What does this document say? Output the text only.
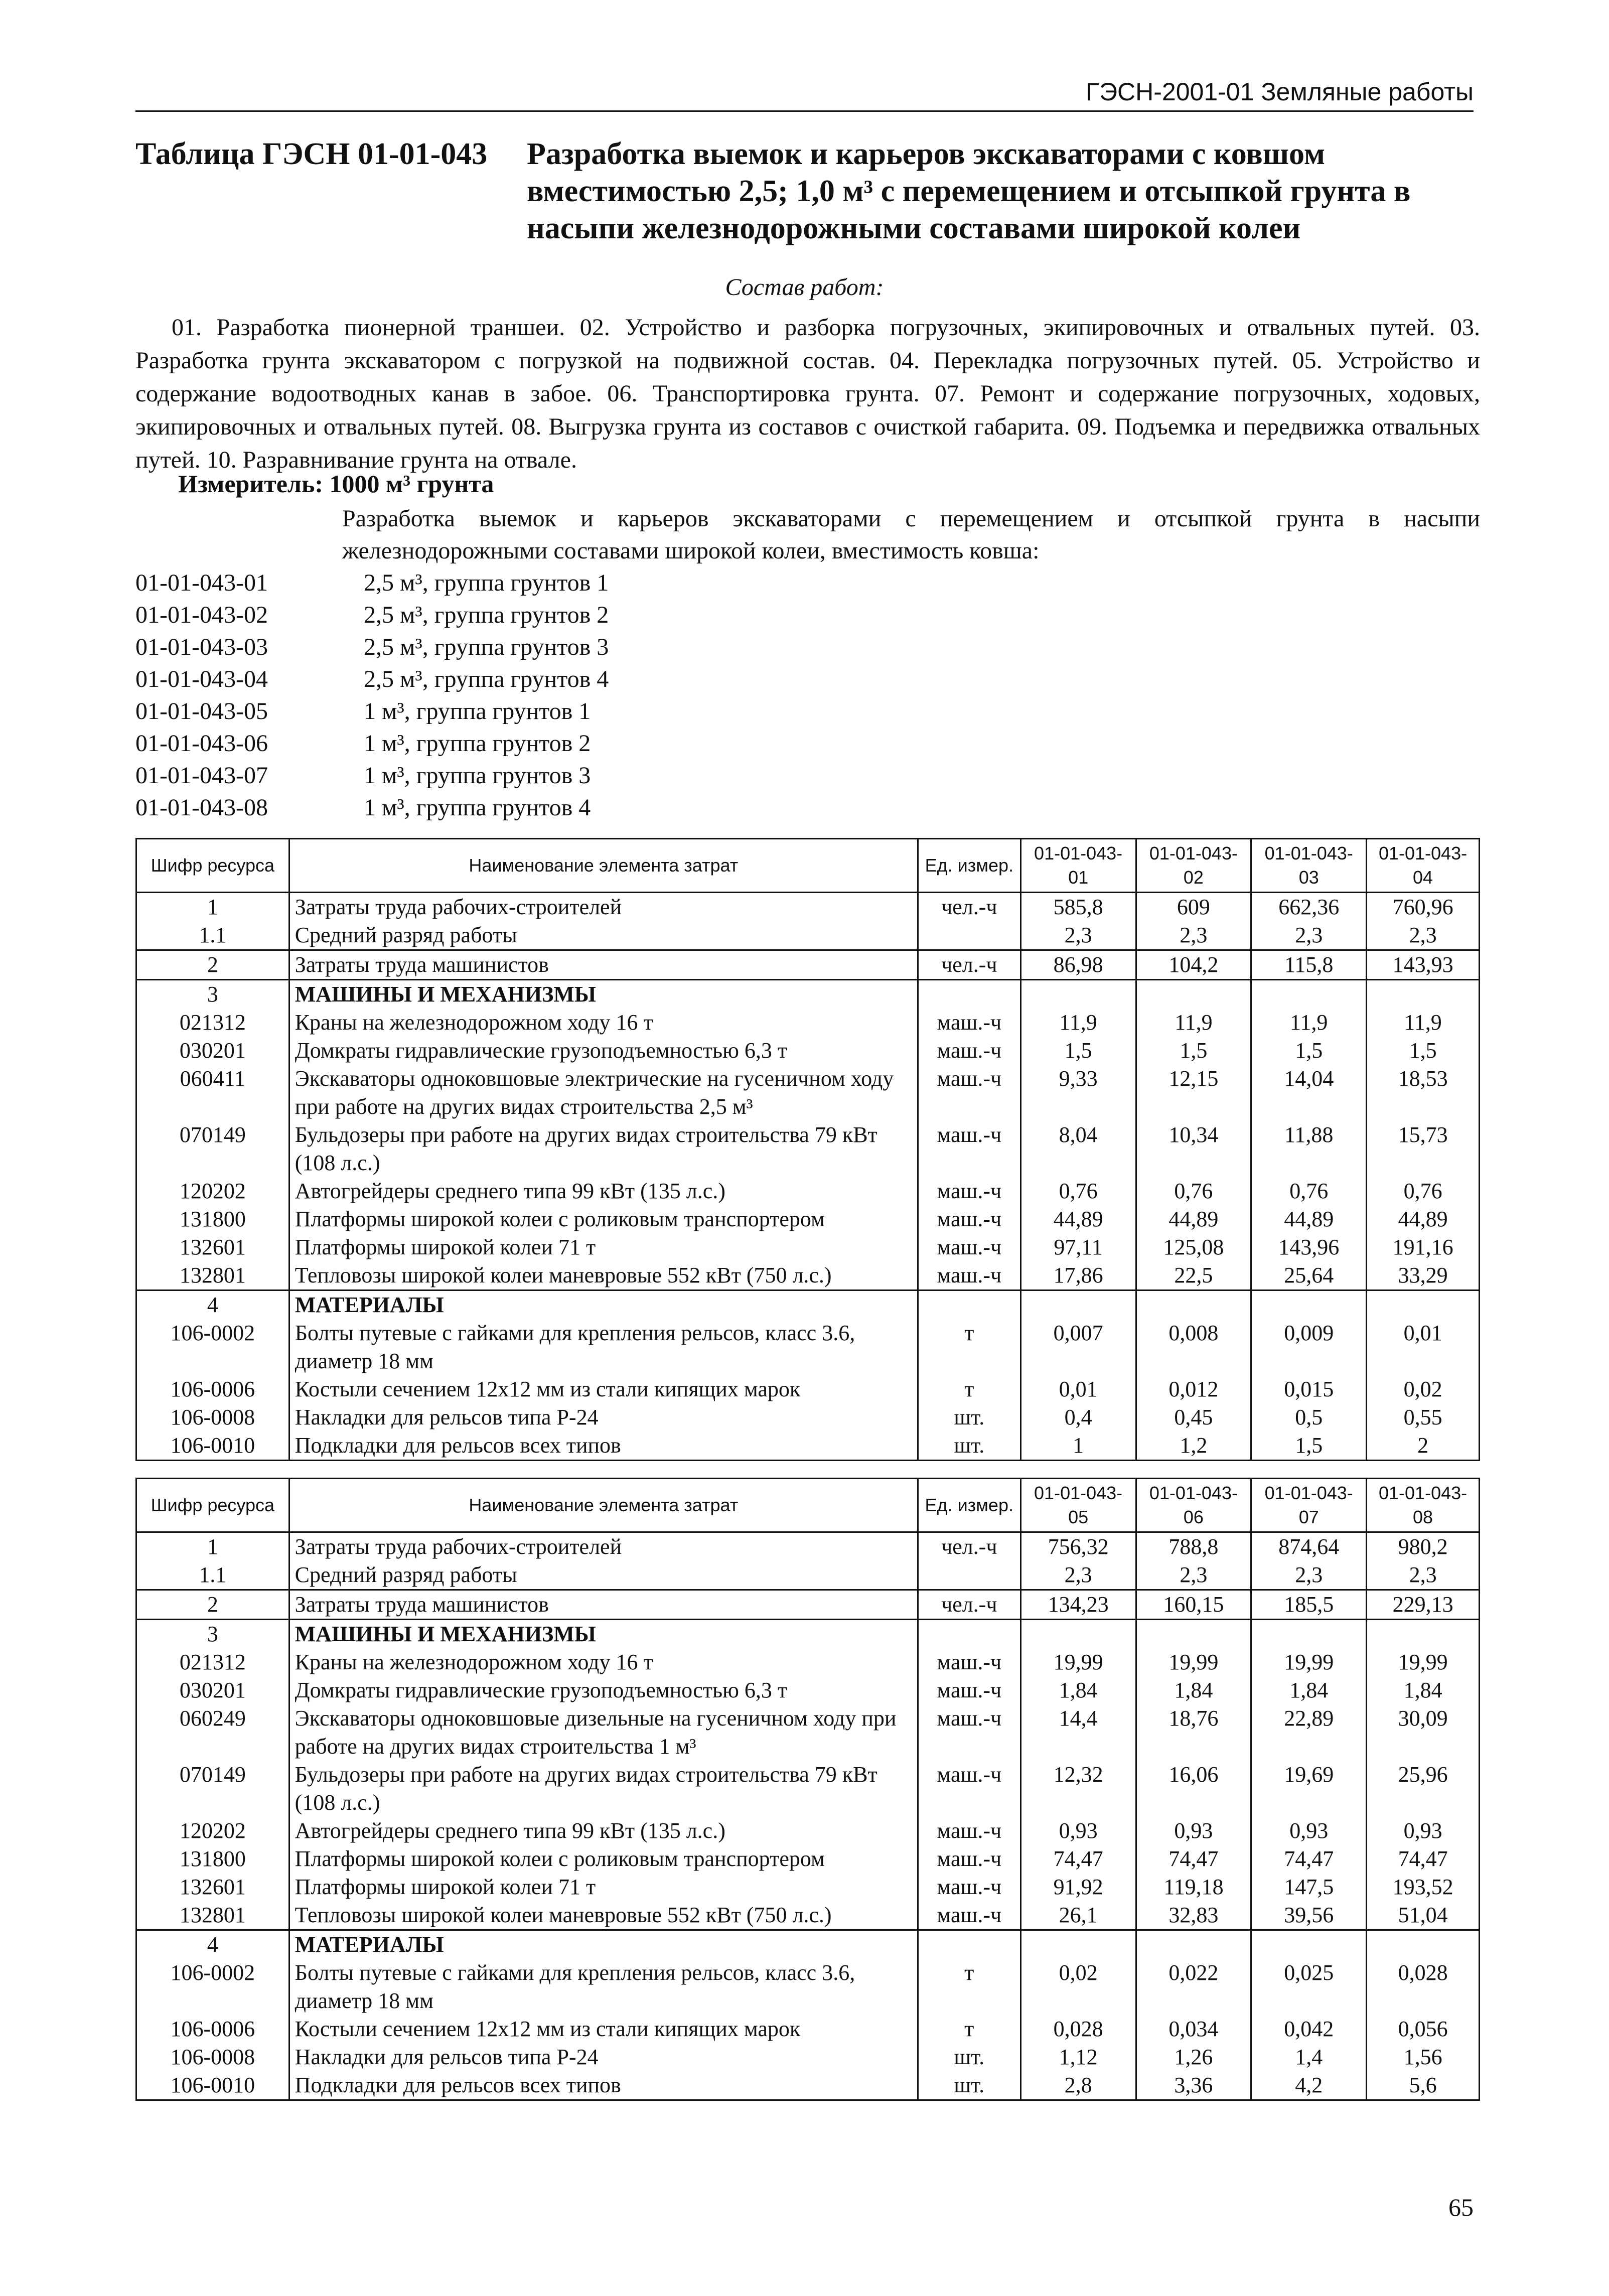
ГЭСН-2001-01 Земляные работы
Таблица ГЭСН 01-01-043 Разработка выемок и карьеров экскаваторами с ковшом вместимостью 2,5; 1,0 м³ с перемещением и отсыпкой грунта в насыпи железнодорожными составами широкой колеи
Состав работ:
01. Разработка пионерной траншеи. 02. Устройство и разборка погрузочных, экипировочных и отвальных путей. 03. Разработка грунта экскаватором с погрузкой на подвижной состав. 04. Перекладка погрузочных путей. 05. Устройство и содержание водоотводных канав в забое. 06. Транспортировка грунта. 07. Ремонт и содержание погрузочных, ходовых, экипировочных и отвальных путей. 08. Выгрузка грунта из составов с очисткой габарита. 09. Подъемка и передвижка отвальных путей. 10. Разравнивание грунта на отвале.
Измеритель: 1000 м³ грунта
Разработка выемок и карьеров экскаваторами с перемещением и отсыпкой грунта в насыпи железнодорожными составами широкой колеи, вместимость ковша:
01-01-043-01	2,5 м³, группа грунтов 1
01-01-043-02	2,5 м³, группа грунтов 2
01-01-043-03	2,5 м³, группа грунтов 3
01-01-043-04	2,5 м³, группа грунтов 4
01-01-043-05	1 м³, группа грунтов 1
01-01-043-06	1 м³, группа грунтов 2
01-01-043-07	1 м³, группа грунтов 3
01-01-043-08	1 м³, группа грунтов 4
Шифр ресурса	Наименование элемента затрат	Ед. измер.	01-01-043-01	01-01-043-02	01-01-043-03	01-01-043-04
1	Затраты труда рабочих-строителей	чел.-ч	585,8	609	662,36	760,96
1.1	Средний разряд работы		2,3	2,3	2,3	2,3
2	Затраты труда машинистов	чел.-ч	86,98	104,2	115,8	143,93
3	МАШИНЫ И МЕХАНИЗМЫ					
021312	Краны на железнодорожном ходу 16 т	маш.-ч	11,9	11,9	11,9	11,9
030201	Домкраты гидравлические грузоподъемностью 6,3 т	маш.-ч	1,5	1,5	1,5	1,5
060411	Экскаваторы одноковшовые электрические на гусеничном ходу при работе на других видах строительства 2,5 м³	маш.-ч	9,33	12,15	14,04	18,53
070149	Бульдозеры при работе на других видах строительства 79 кВт (108 л.с.)	маш.-ч	8,04	10,34	11,88	15,73
120202	Автогрейдеры среднего типа 99 кВт (135 л.с.)	маш.-ч	0,76	0,76	0,76	0,76
131800	Платформы широкой колеи с роликовым транспортером	маш.-ч	44,89	44,89	44,89	44,89
132601	Платформы широкой колеи 71 т	маш.-ч	97,11	125,08	143,96	191,16
132801	Тепловозы широкой колеи маневровые 552 кВт (750 л.с.)	маш.-ч	17,86	22,5	25,64	33,29
4	МАТЕРИАЛЫ					
106-0002	Болты путевые с гайками для крепления рельсов, класс 3.6, диаметр 18 мм	т	0,007	0,008	0,009	0,01
106-0006	Костыли сечением 12х12 мм из стали кипящих марок	т	0,01	0,012	0,015	0,02
106-0008	Накладки для рельсов типа Р-24	шт.	0,4	0,45	0,5	0,55
106-0010	Подкладки для рельсов всех типов	шт.	1	1,2	1,5	2
Шифр ресурса	Наименование элемента затрат	Ед. измер.	01-01-043-05	01-01-043-06	01-01-043-07	01-01-043-08
1	Затраты труда рабочих-строителей	чел.-ч	756,32	788,8	874,64	980,2
1.1	Средний разряд работы		2,3	2,3	2,3	2,3
2	Затраты труда машинистов	чел.-ч	134,23	160,15	185,5	229,13
3	МАШИНЫ И МЕХАНИЗМЫ					
021312	Краны на железнодорожном ходу 16 т	маш.-ч	19,99	19,99	19,99	19,99
030201	Домкраты гидравлические грузоподъемностью 6,3 т	маш.-ч	1,84	1,84	1,84	1,84
060249	Экскаваторы одноковшовые дизельные на гусеничном ходу при работе на других видах строительства 1 м³	маш.-ч	14,4	18,76	22,89	30,09
070149	Бульдозеры при работе на других видах строительства 79 кВт (108 л.с.)	маш.-ч	12,32	16,06	19,69	25,96
120202	Автогрейдеры среднего типа 99 кВт (135 л.с.)	маш.-ч	0,93	0,93	0,93	0,93
131800	Платформы широкой колеи с роликовым транспортером	маш.-ч	74,47	74,47	74,47	74,47
132601	Платформы широкой колеи 71 т	маш.-ч	91,92	119,18	147,5	193,52
132801	Тепловозы широкой колеи маневровые 552 кВт (750 л.с.)	маш.-ч	26,1	32,83	39,56	51,04
4	МАТЕРИАЛЫ					
106-0002	Болты путевые с гайками для крепления рельсов, класс 3.6, диаметр 18 мм	т	0,02	0,022	0,025	0,028
106-0006	Костыли сечением 12х12 мм из стали кипящих марок	т	0,028	0,034	0,042	0,056
106-0008	Накладки для рельсов типа Р-24	шт.	1,12	1,26	1,4	1,56
106-0010	Подкладки для рельсов всех типов	шт.	2,8	3,36	4,2	5,6
65
